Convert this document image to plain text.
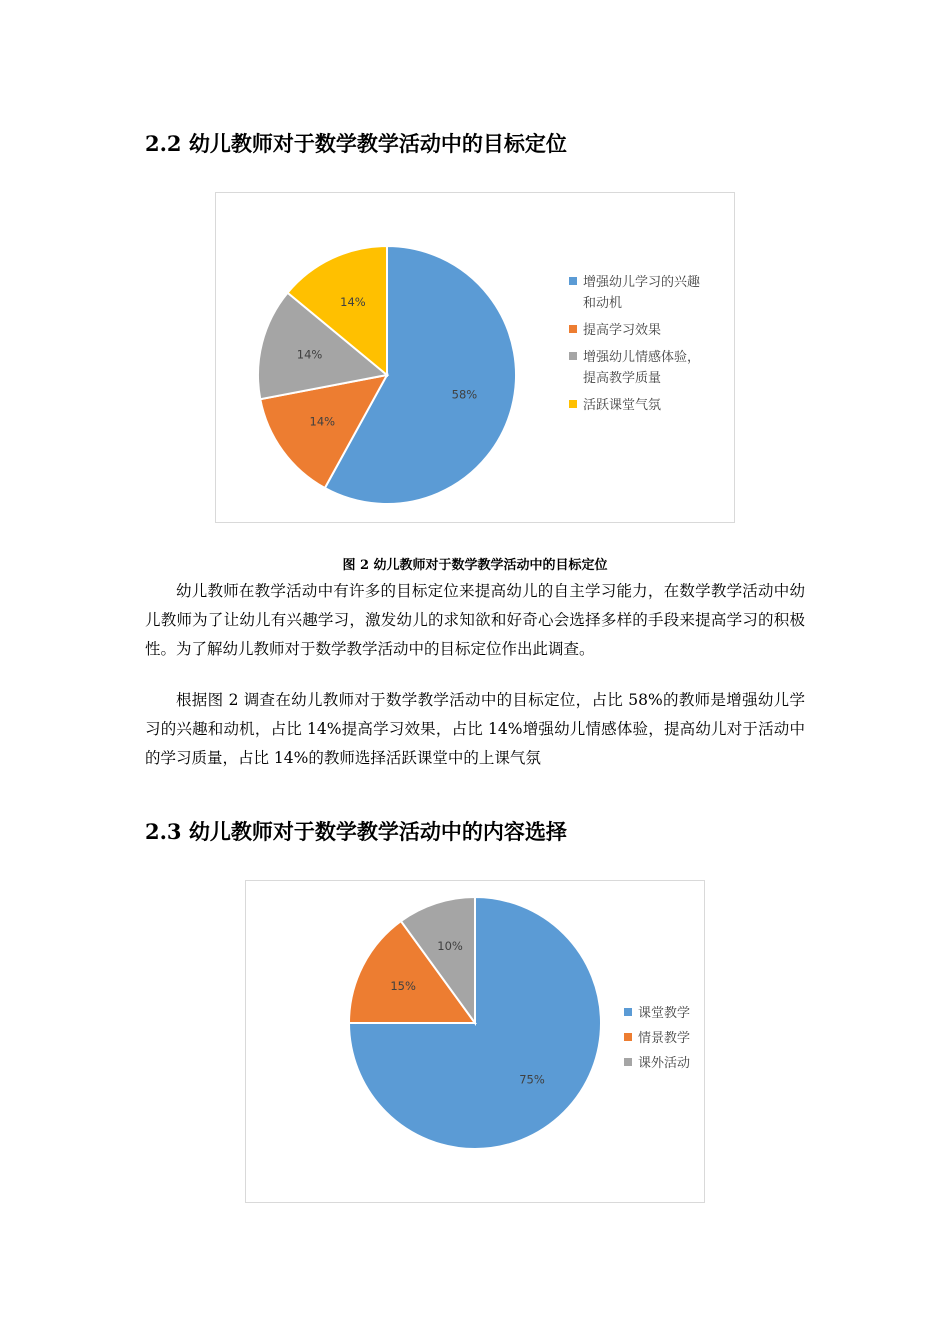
2.2 幼儿教师对于数学教学活动中的目标定位
58%
14%
14%
14%
增强幼儿学习的兴趣
和动机
提高学习效果
增强幼儿情感体验，
提高教学质量
活跃课堂气氛

图 2 幼儿教师对于数学教学活动中的目标定位

幼儿教师在教学活动中有许多的目标定位来提高幼儿的自主学习能力，在数学教学活动中幼儿教师为了让幼儿有兴趣学习，激发幼儿的求知欲和好奇心会选择多样的手段来提高学习的积极性。为了解幼儿教师对于数学教学活动中的目标定位作出此调查。

根据图 2 调查在幼儿教师对于数学教学活动中的目标定位，占比 58%的教师是增强幼儿学习的兴趣和动机，占比 14%提高学习效果，占比 14%增强幼儿情感体验，提高幼儿对于活动中的学习质量，占比 14%的教师选择活跃课堂中的上课气氛

2.3 幼儿教师对于数学教学活动中的内容选择
75%
15%
10%
课堂教学
情景教学
课外活动
